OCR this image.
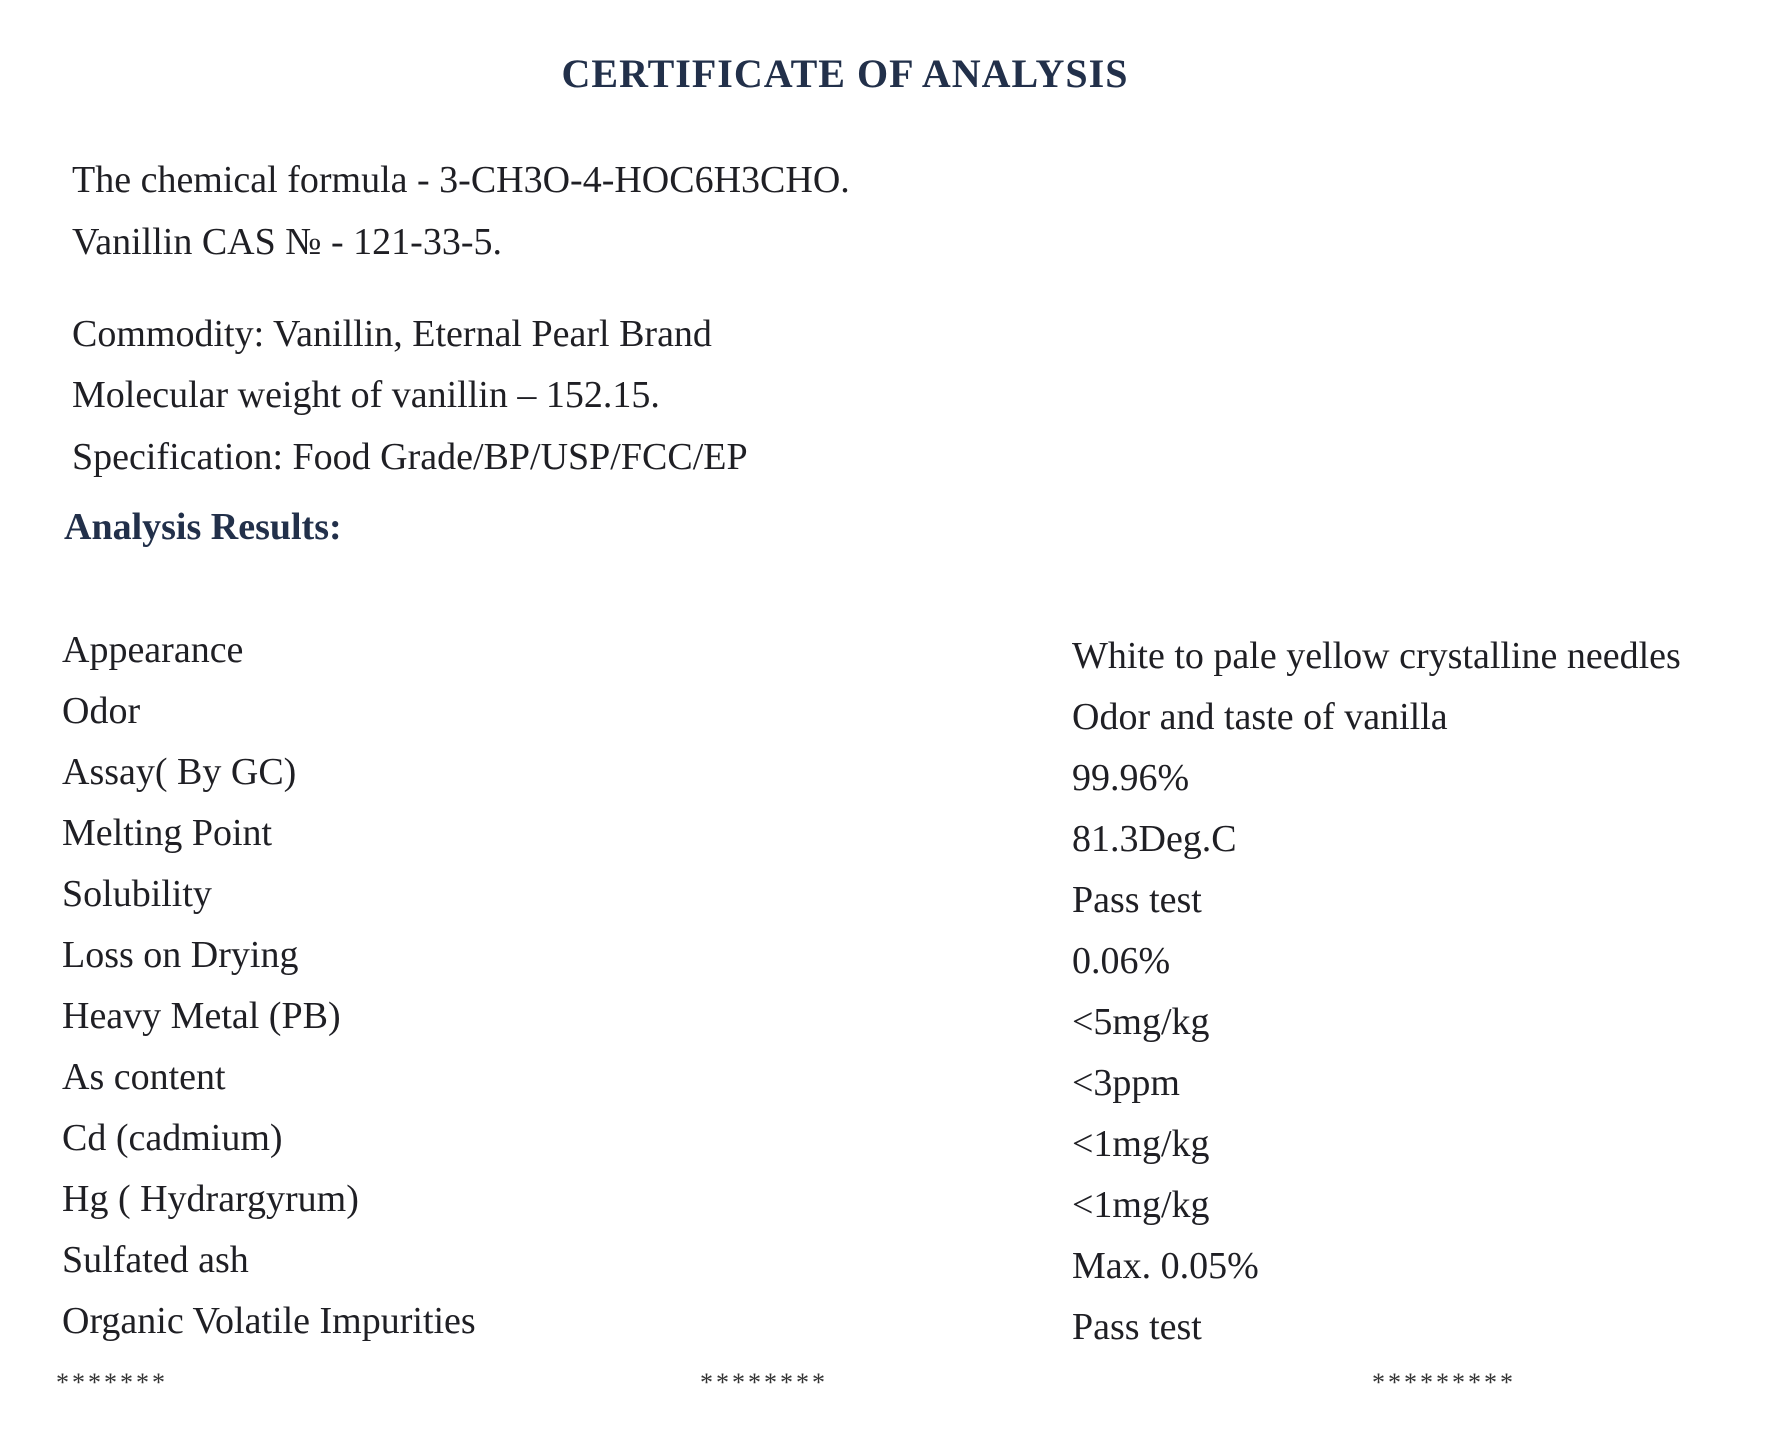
CERTIFICATE OF ANALYSIS
The chemical formula - 3-CH3O-4-HOC6H3CHO.
Vanillin CAS № - 121-33-5.
Commodity: Vanillin, Eternal Pearl Brand
Molecular weight of vanillin – 152.15.
Specification: Food Grade/BP/USP/FCC/EP
Analysis Results:
Appearance	White to pale yellow crystalline needles
Odor	Odor and taste of vanilla
Assay( By GC)	99.96%
Melting Point	81.3Deg.C
Solubility	Pass test
Loss on Drying	0.06%
Heavy Metal (PB)	<5mg/kg
As content	<3ppm
Cd (cadmium)	<1mg/kg
Hg ( Hydrargyrum)	<1mg/kg
Sulfated ash	Max. 0.05%
Organic Volatile Impurities	Pass test
*******	********	*********
